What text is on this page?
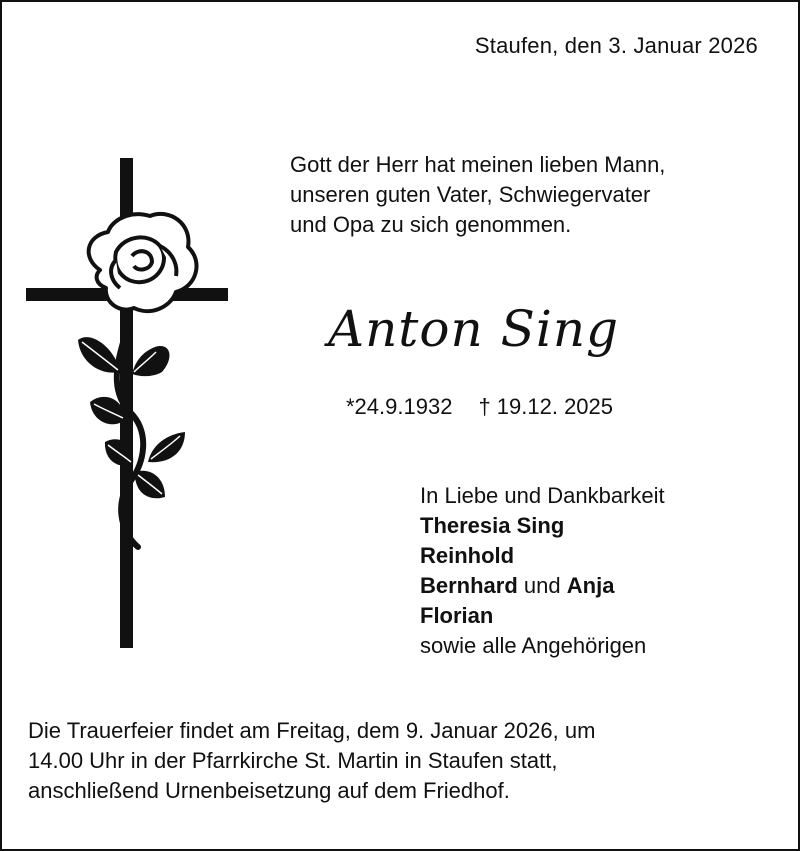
Staufen, den 3. Januar 2026
Gott der Herr hat meinen lieben Mann,
unseren guten Vater, Schwiegervater
und Opa zu sich genommen.
Anton Sing
*24.9.1932 † 19.12. 2025
In Liebe und Dankbarkeit
Theresia Sing
Reinhold
Bernhard und Anja
Florian
sowie alle Angehörigen
Die Trauerfeier findet am Freitag, dem 9. Januar 2026, um
14.00 Uhr in der Pfarrkirche St. Martin in Staufen statt,
anschließend Urnenbeisetzung auf dem Friedhof.
